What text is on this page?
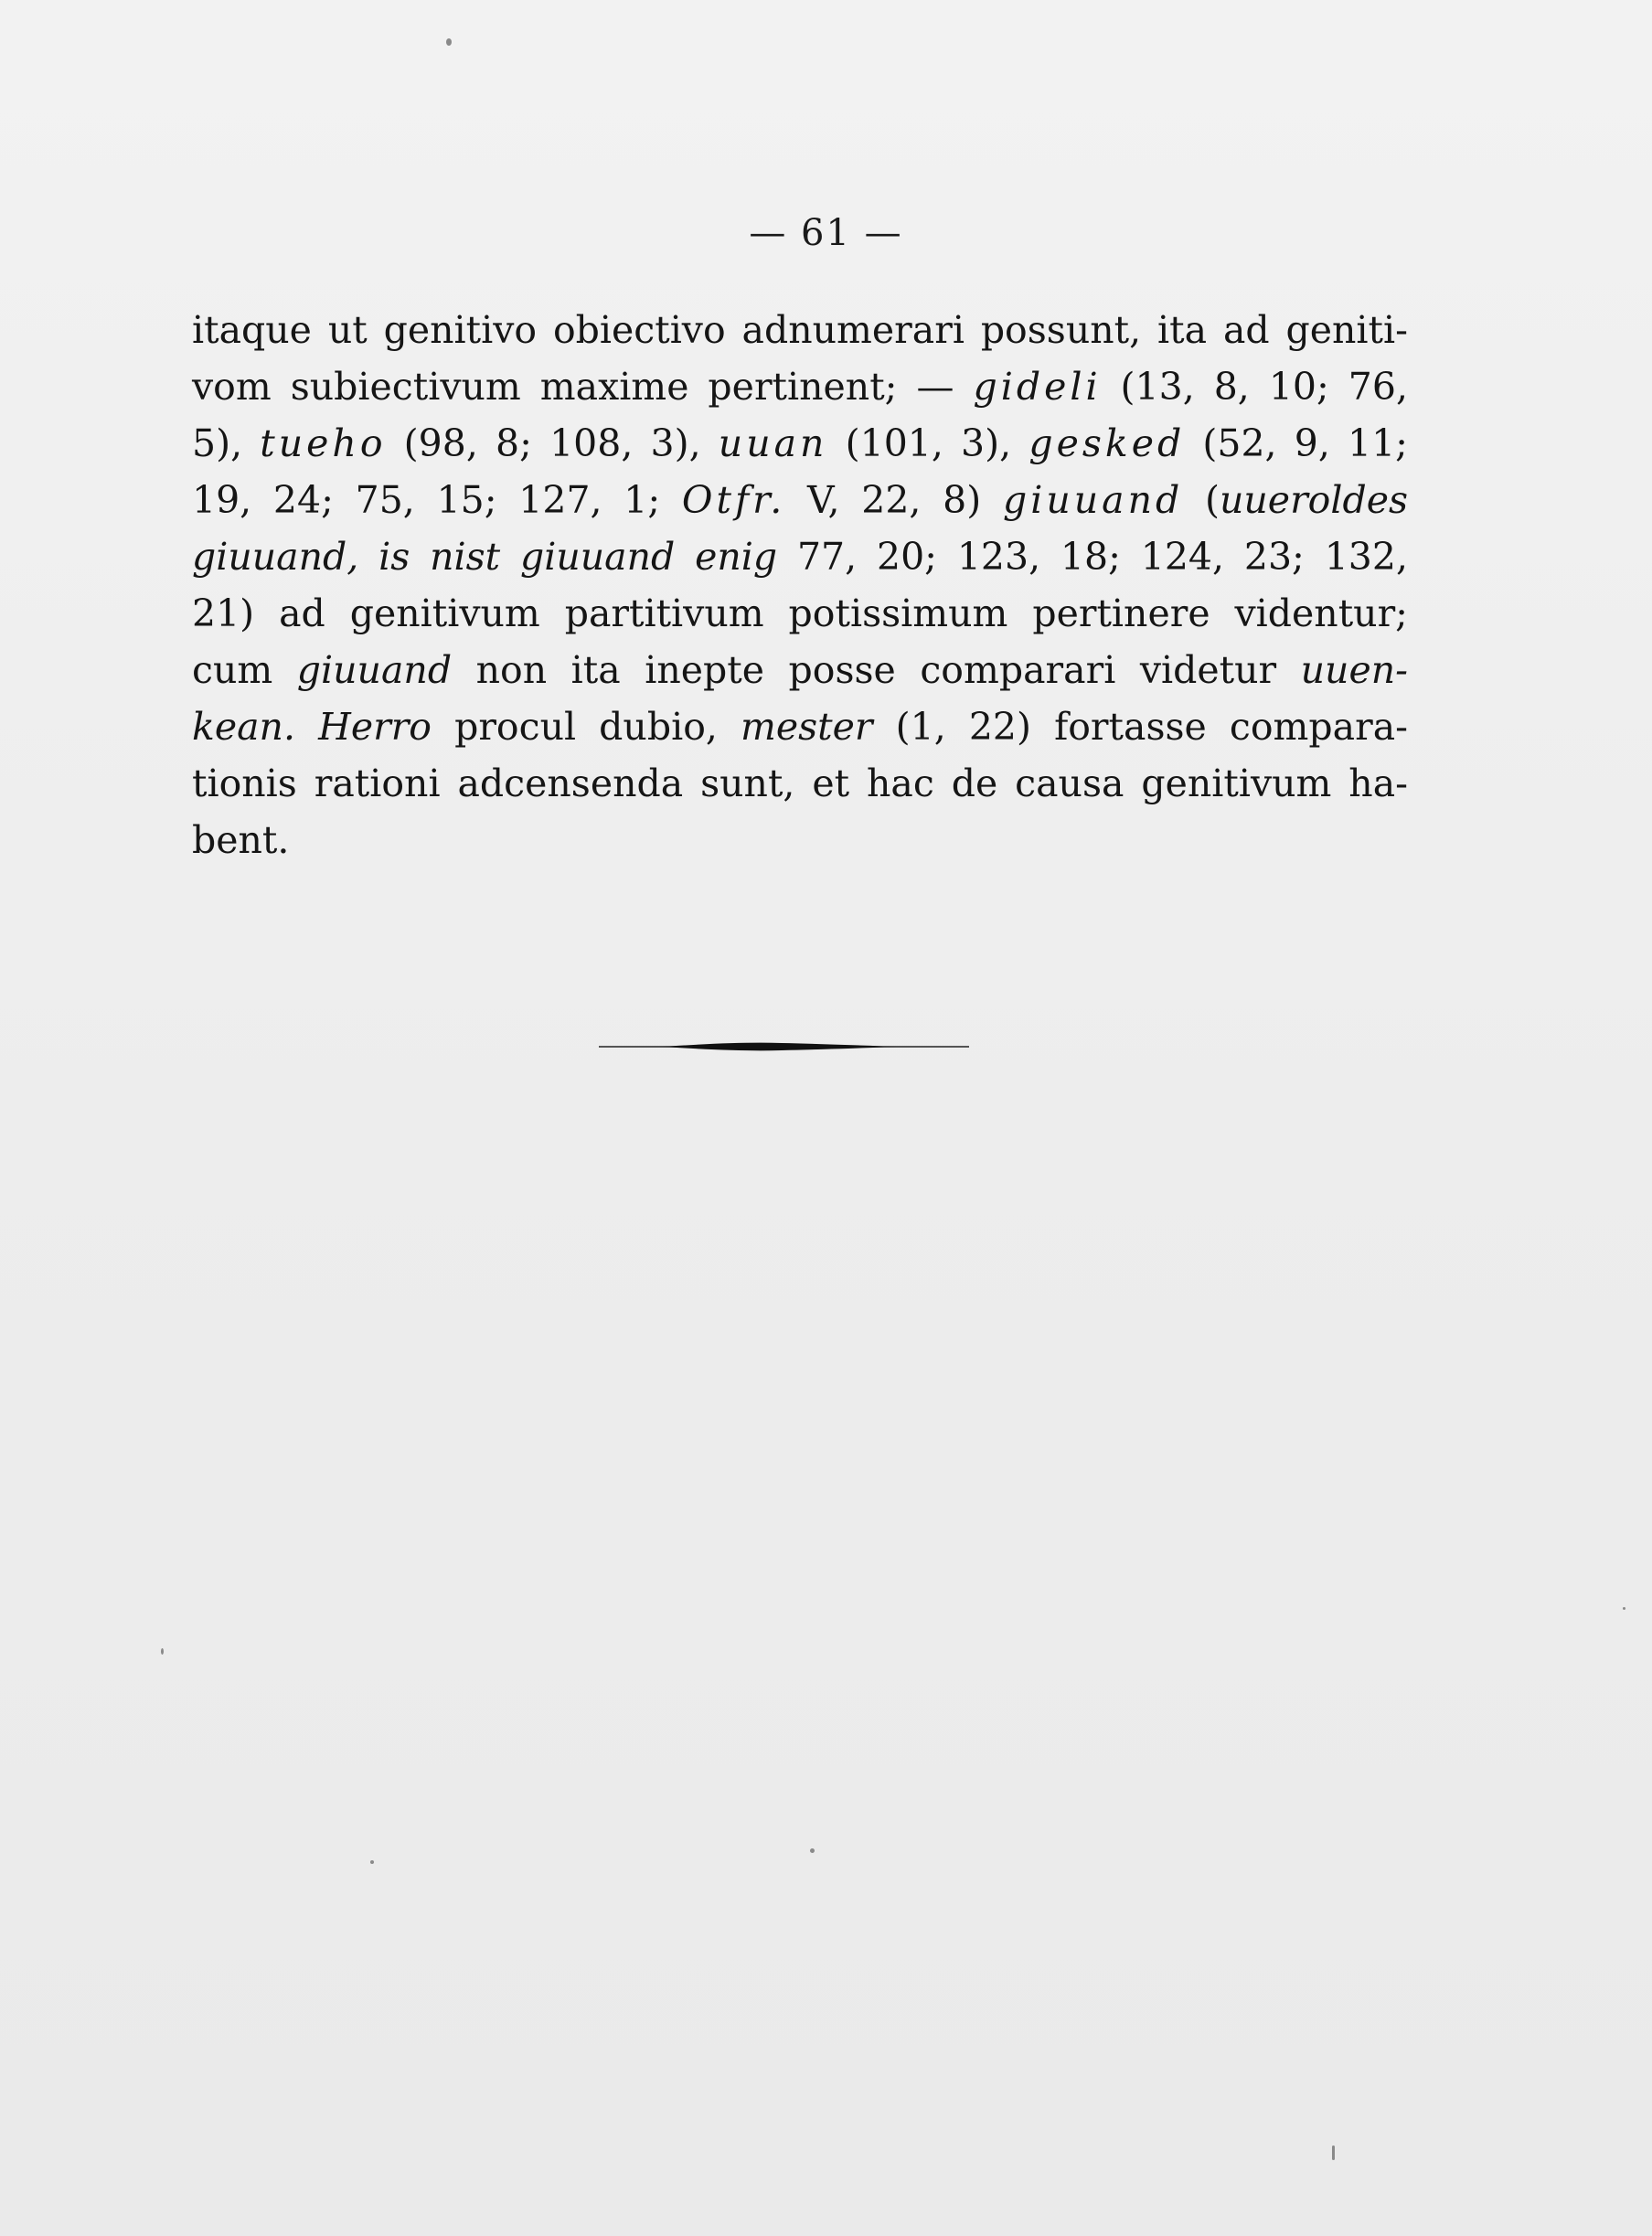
— 61 —
itaque ut genitivo obiectivo adnumerari possunt, ita ad geniti-
vom subiectivum maxime pertinent; — gideli (13, 8, 10; 76,
5), tueho (98, 8; 108, 3), uuan (101, 3), gesked (52, 9, 11;
19, 24; 75, 15; 127, 1; Otfr. V, 22, 8) giuuand (uueroldes
giuuand, is nist giuuand enig 77, 20; 123, 18; 124, 23; 132,
21) ad genitivum partitivum potissimum pertinere videntur;
cum giuuand non ita inepte posse comparari videtur uuen-
kean. Herro procul dubio, mester (1, 22) fortasse compara-
tionis rationi adcensenda sunt, et hac de causa genitivum ha-
bent.
